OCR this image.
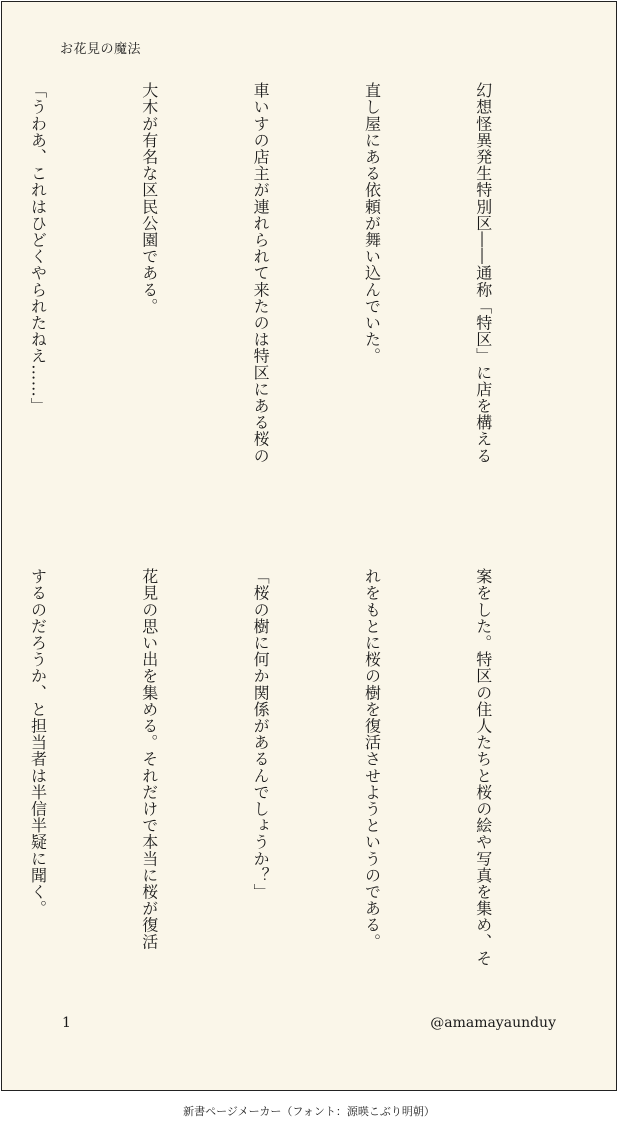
お花見の魔法

幻想怪異発生特別区――通称「特区」に店を構える

直し屋にある依頼が舞い込んでいた。

車いすの店主が連れられて来たのは特区にある桜の

大木が有名な区民公園である。

「うわあ、これはひどくやられたねえ……」

案をした。特区の住人たちと桜の絵や写真を集め、そ

れをもとに桜の樹を復活させようというのである。

「桜の樹に何か関係があるんでしょうか？」

花見の思い出を集める。それだけで本当に桜が復活

するのだろうか、と担当者は半信半疑に聞く。

1	@amamayaunduy
新書ページメーカー（フォント：源暎こぶり明朝）
